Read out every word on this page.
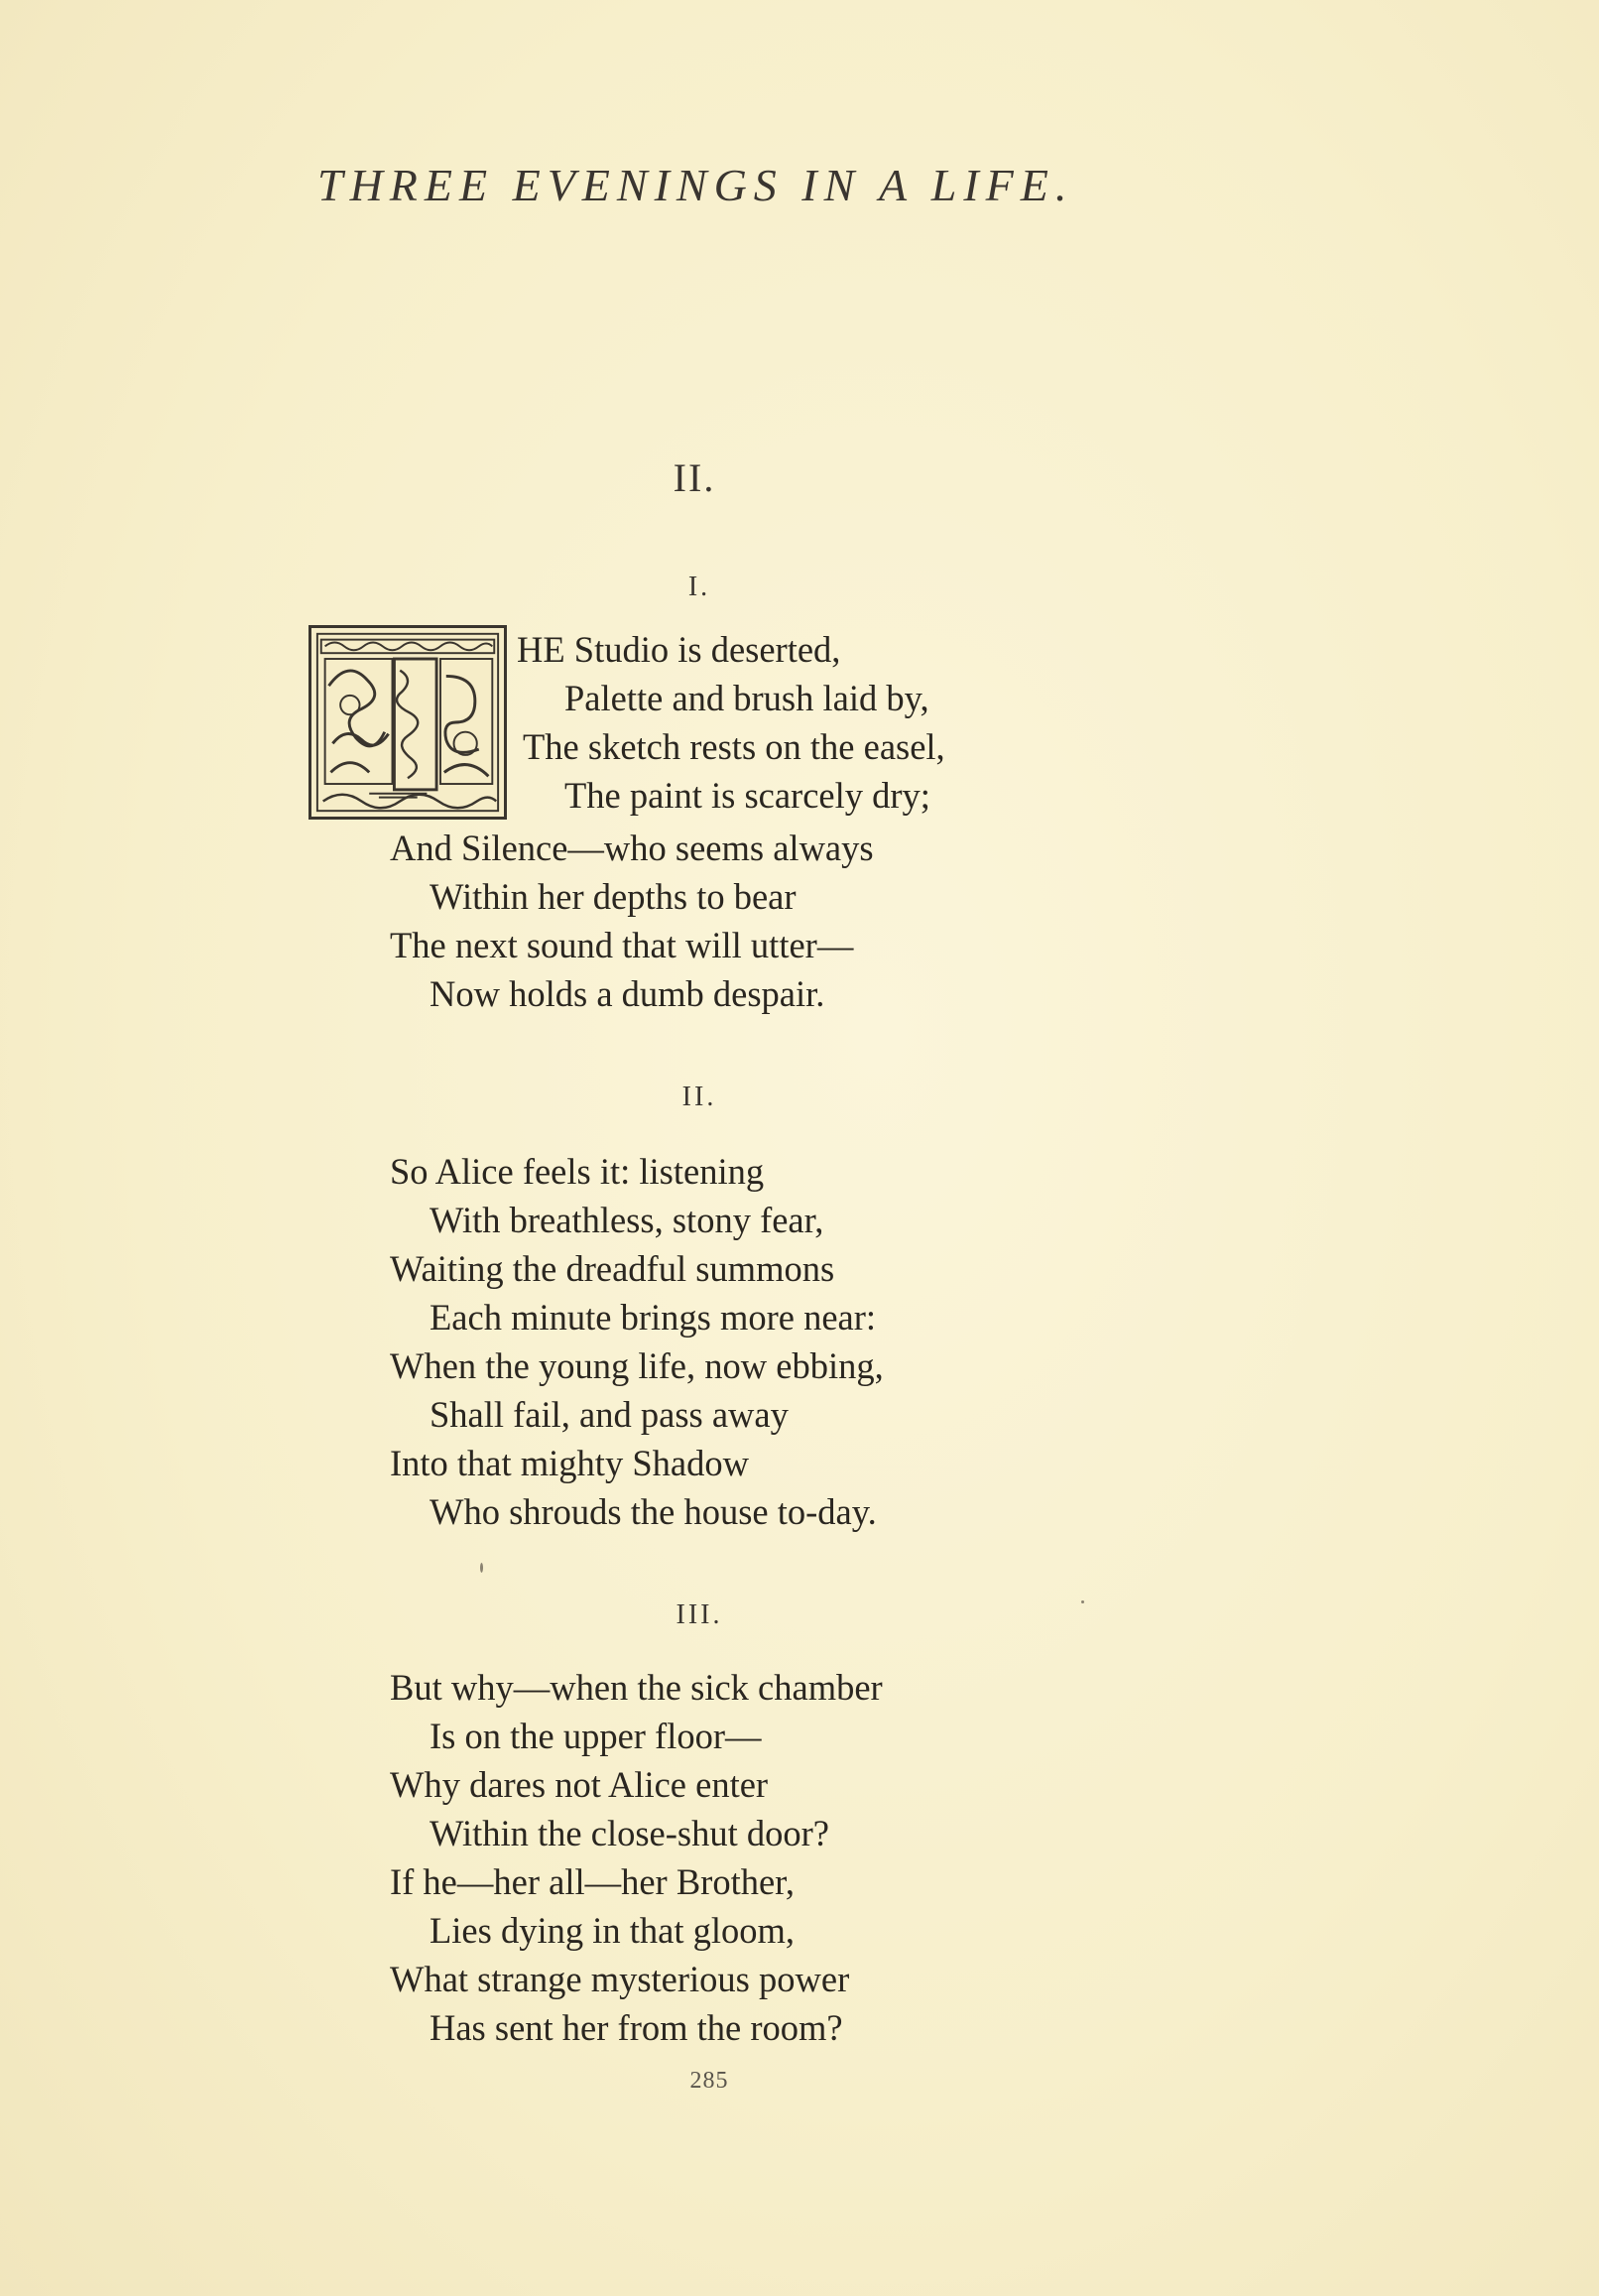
THREE EVENINGS IN A LIFE.
II.
I.
HE Studio is deserted,
Palette and brush laid by,
The sketch rests on the easel,
The paint is scarcely dry;
And Silence—who seems always
Within her depths to bear
The next sound that will utter—
Now holds a dumb despair.
II.
So Alice feels it: listening
With breathless, stony fear,
Waiting the dreadful summons
Each minute brings more near:
When the young life, now ebbing,
Shall fail, and pass away
Into that mighty Shadow
Who shrouds the house to-day.
III.
But why—when the sick chamber
Is on the upper floor—
Why dares not Alice enter
Within the close-shut door?
If he—her all—her Brother,
Lies dying in that gloom,
What strange mysterious power
Has sent her from the room?
285
